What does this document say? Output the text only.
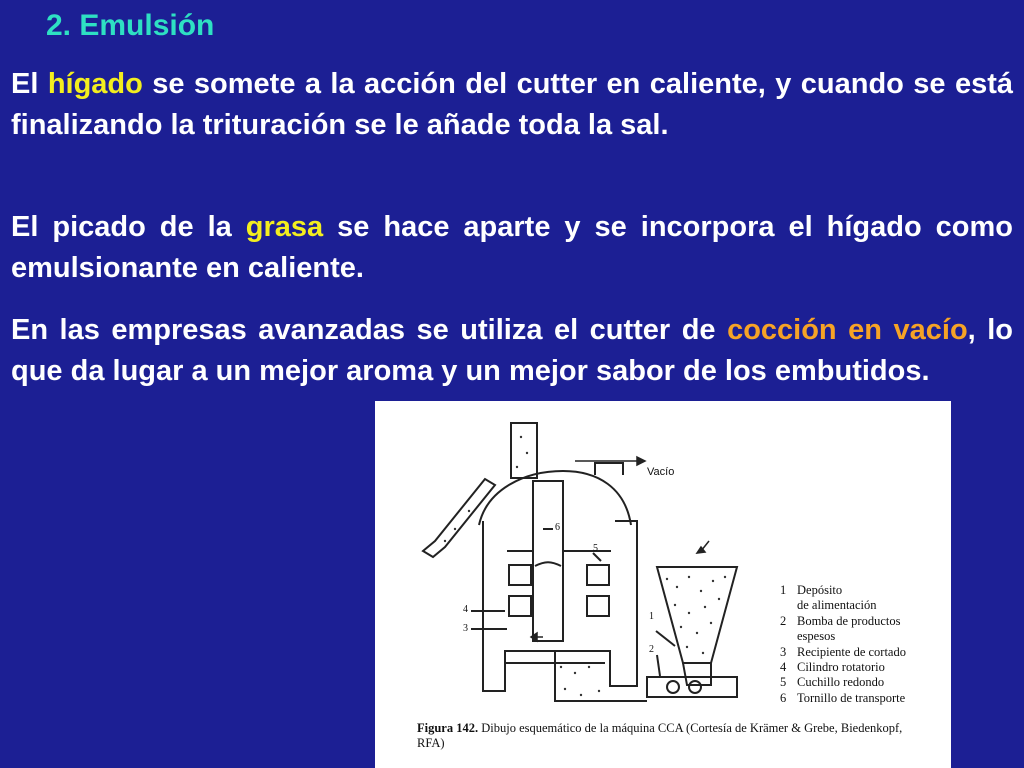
2. Emulsión

El hígado se somete a la acción del cutter en caliente, y cuando se está finalizando la trituración se le añade toda la sal.

El picado de la grasa se hace aparte y se incorpora el hígado como emulsionante en caliente.

En las empresas avanzadas se utiliza el cutter de cocción en vacío, lo que da lugar a un mejor aroma y un mejor sabor de los embutidos.

Vacío
1
2
3
4
5
6
1 Depósito
de alimentación
2 Bomba de productos
espesos
3 Recipiente de cortado
4 Cilindro rotatorio
5 Cuchillo redondo
6 Tornillo de transporte

Figura 142. Dibujo esquemático de la máquina CCA (Cortesía de Krämer & Grebe, Biedenkopf, RFA)
